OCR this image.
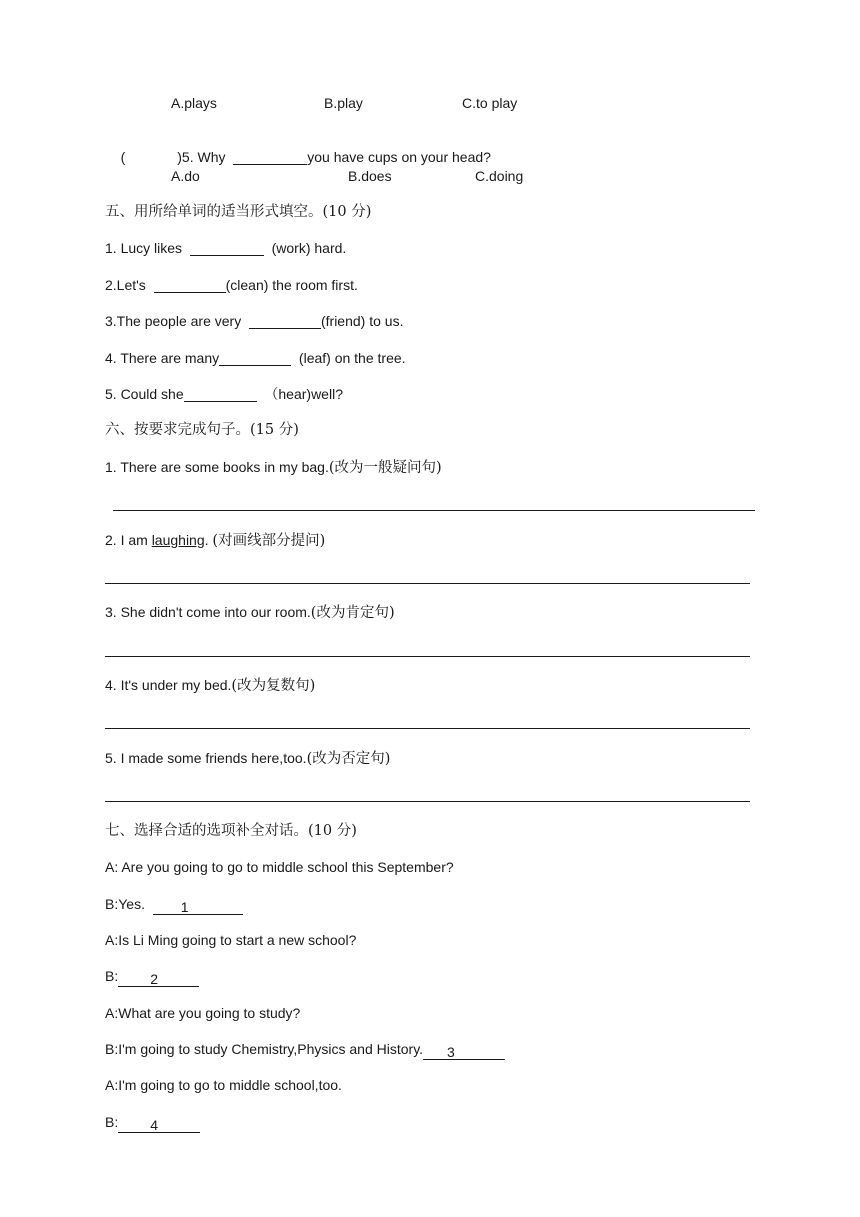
A.plays	B.play	C.to play

(	)5. Why	you have cups on your head?

A.do	B.does	C.doing
五、用所给单词的适当形式填空。(10 分)
1. Lucy likes	(work) hard.
2.Let's	(clean) the room first.
3.The people are very	(friend) to us.
4. There are many	(leaf) on the tree.
5. Could she	（hear)well?
六、按要求完成句子。(15 分)
1. There are some books in my bag.(改为一般疑问句)
2. I am laughing. (对画线部分提问)
3. She didn't come into our room.(改为肯定句)
4. It's under my bed.(改为复数句)
5. I made some friends here,too.(改为否定句)
七、选择合适的选项补全对话。(10 分)
A: Are you going to go to middle school this September?
B:Yes.	1
A:Is Li Ming going to start a new school?
B: 2
A:What are you going to study?
B:I'm going to study Chemistry,Physics and History. 3
A:I'm going to go to middle school,too.
B: 4
